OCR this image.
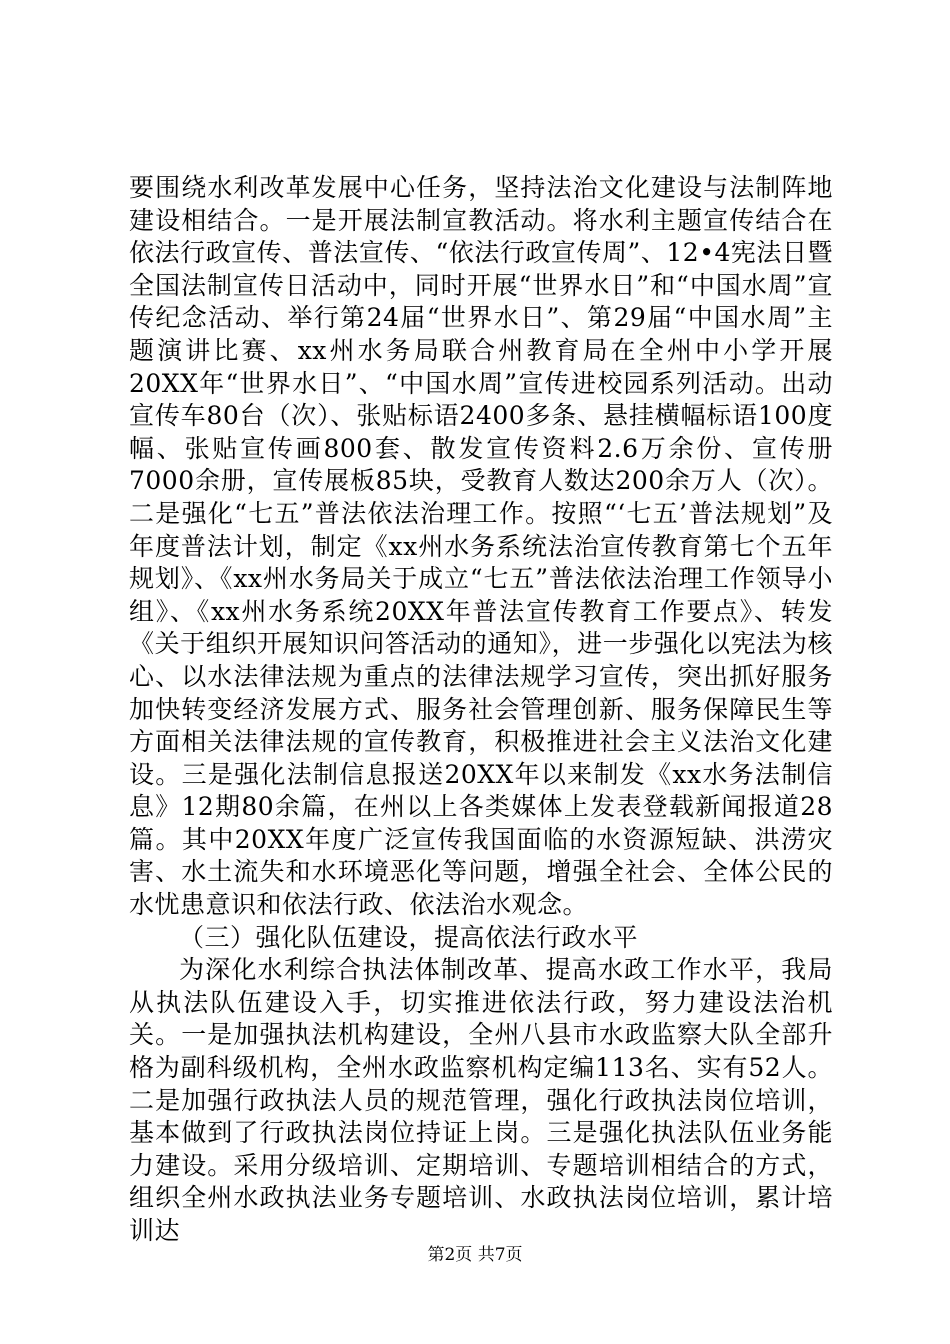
要围绕水利改革发展中心任务，坚持法治文化建设与法制阵地建设相结合。一是开展法制宣教活动。将水利主题宣传结合在依法行政宣传、普法宣传、“依法行政宣传周”、12•4宪法日暨全国法制宣传日活动中，同时开展“世界水日”和“中国水周”宣传纪念活动、举行第24届“世界水日”、第29届“中国水周”主题演讲比赛、xx州水务局联合州教育局在全州中小学开展20XX年“世界水日”、“中国水周”宣传进校园系列活动。出动宣传车80台（次）、张贴标语2400多条、悬挂横幅标语100度幅、张贴宣传画800套、散发宣传资料2.6万余份、宣传册7000余册，宣传展板85块，受教育人数达200余万人（次）。二是强化“七五”普法依法治理工作。按照“‘七五’普法规划”及年度普法计划，制定《xx州水务系统法治宣传教育第七个五年规划》、《xx州水务局关于成立“七五”普法依法治理工作领导小组》、《xx州水务系统20XX年普法宣传教育工作要点》、转发《关于组织开展知识问答活动的通知》，进一步强化以宪法为核心、以水法律法规为重点的法律法规学习宣传，突出抓好服务加快转变经济发展方式、服务社会管理创新、服务保障民生等方面相关法律法规的宣传教育，积极推进社会主义法治文化建设。三是强化法制信息报送20XX年以来制发《xx水务法制信息》12期80余篇，在州以上各类媒体上发表登载新闻报道28篇。其中20XX年度广泛宣传我国面临的水资源短缺、洪涝灾害、水土流失和水环境恶化等问题，增强全社会、全体公民的水忧患意识和依法行政、依法治水观念。

（三）强化队伍建设，提高依法行政水平

为深化水利综合执法体制改革、提高水政工作水平，我局从执法队伍建设入手，切实推进依法行政，努力建设法治机关。一是加强执法机构建设，全州八县市水政监察大队全部升格为副科级机构，全州水政监察机构定编113名、实有52人。二是加强行政执法人员的规范管理，强化行政执法岗位培训，基本做到了行政执法岗位持证上岗。三是强化执法队伍业务能力建设。采用分级培训、定期培训、专题培训相结合的方式，组织全州水政执法业务专题培训、水政执法岗位培训，累计培训达

第2页 共7页
